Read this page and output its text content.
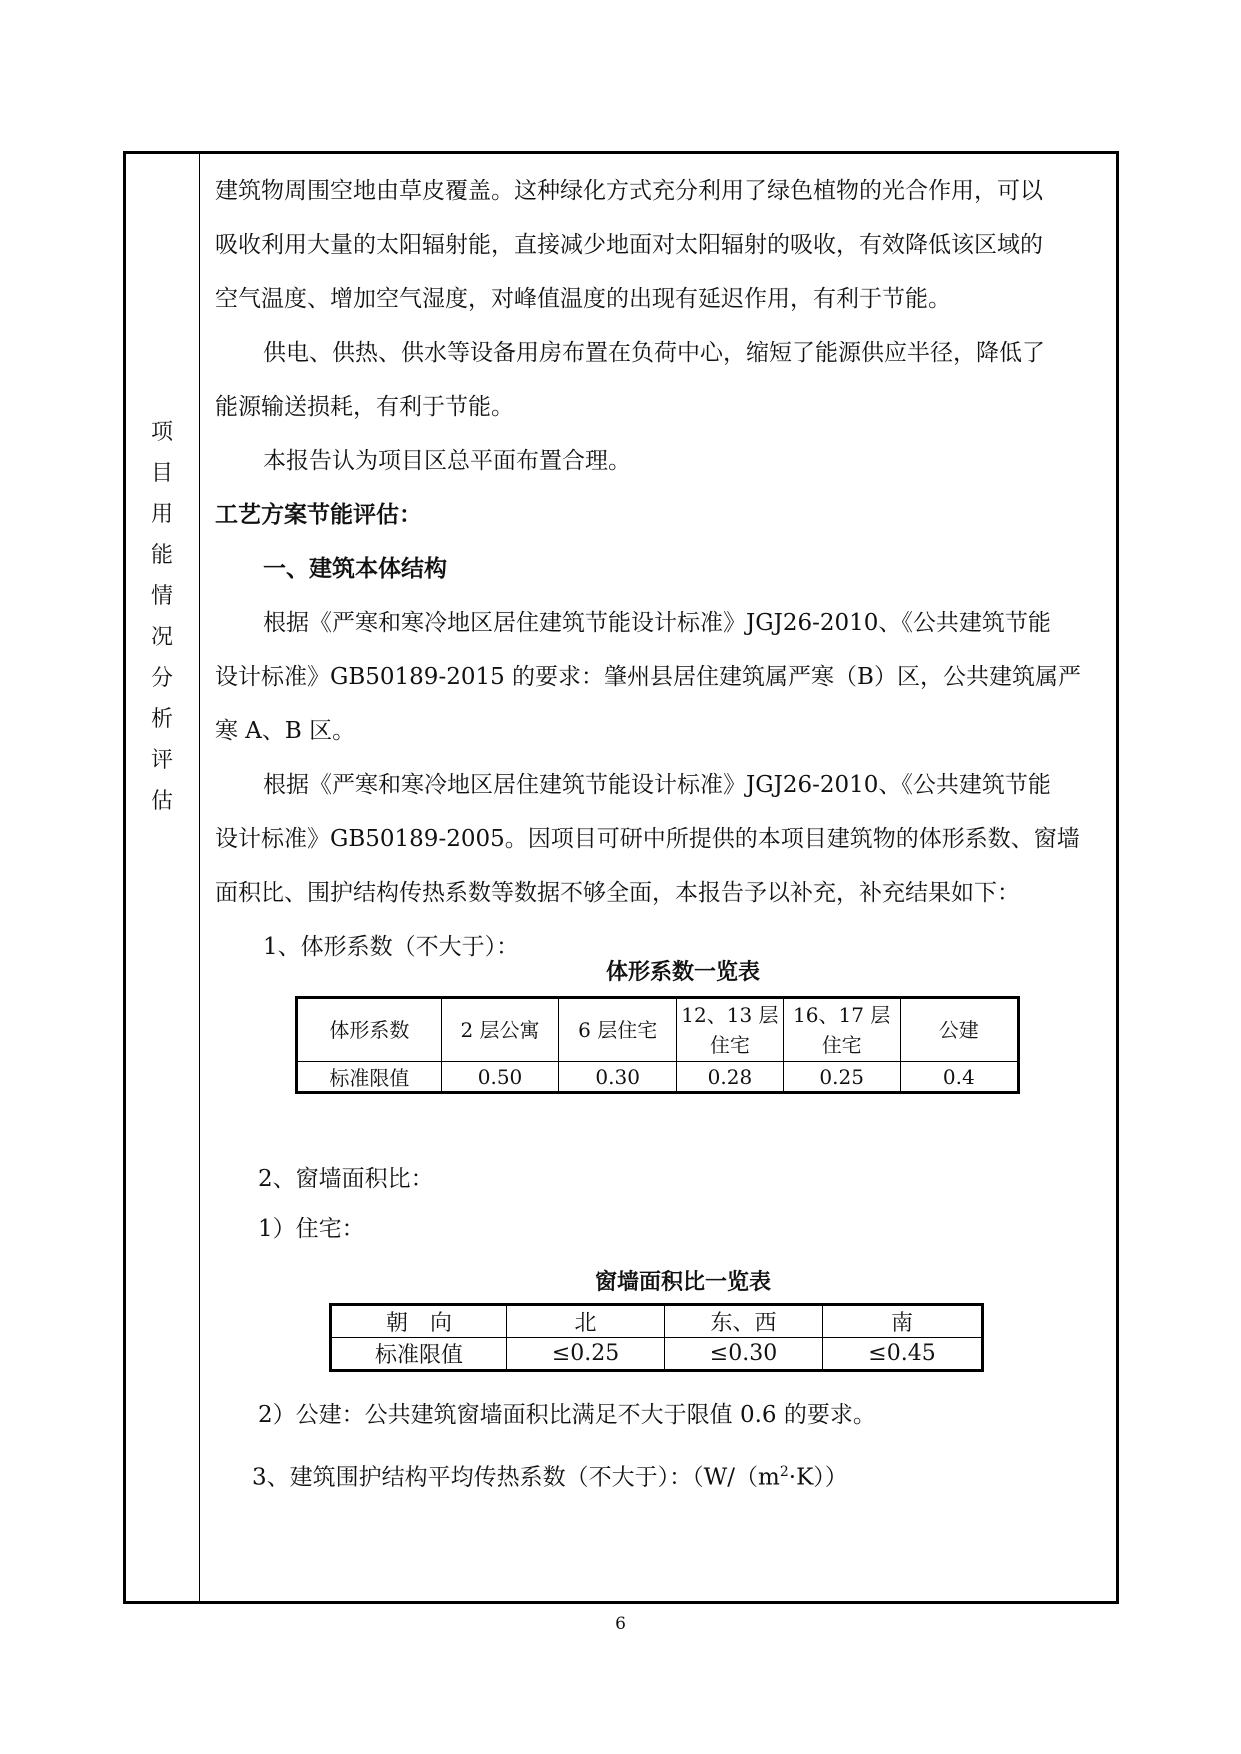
项
目
用
能
情
况
分
析
评
估

建筑物周围空地由草皮覆盖。这种绿化方式充分利用了绿色植物的光合作用，可以

吸收利用大量的太阳辐射能，直接减少地面对太阳辐射的吸收，有效降低该区域的

空气温度、增加空气湿度，对峰值温度的出现有延迟作用，有利于节能。

供电、供热、供水等设备用房布置在负荷中心，缩短了能源供应半径，降低了

能源输送损耗，有利于节能。

本报告认为项目区总平面布置合理。

工艺方案节能评估：

一、建筑本体结构

根据《严寒和寒冷地区居住建筑节能设计标准》JGJ26-2010、《公共建筑节能

设计标准》GB50189-2015 的要求：肇州县居住建筑属严寒（B）区，公共建筑属严

寒 A、B 区。

根据《严寒和寒冷地区居住建筑节能设计标准》JGJ26-2010、《公共建筑节能

设计标准》GB50189-2005。因项目可研中所提供的本项目建筑物的体形系数、窗墙

面积比、围护结构传热系数等数据不够全面，本报告予以补充，补充结果如下：

1、体形系数（不大于）：

体形系数一览表

体形系数	2 层公寓	6 层住宅	12、13 层
住宅	16、17 层
住宅	公建
标准限值	0.50	0.30	0.28	0.25	0.4

2、窗墙面积比：

1）住宅：

窗墙面积比一览表

朝　向	北	东、西	南
标准限值	≤0.25	≤0.30	≤0.45

2）公建：公共建筑窗墙面积比满足不大于限值 0.6 的要求。

3、建筑围护结构平均传热系数（不大于）：$(W/(m^2\cdot K))$

6
